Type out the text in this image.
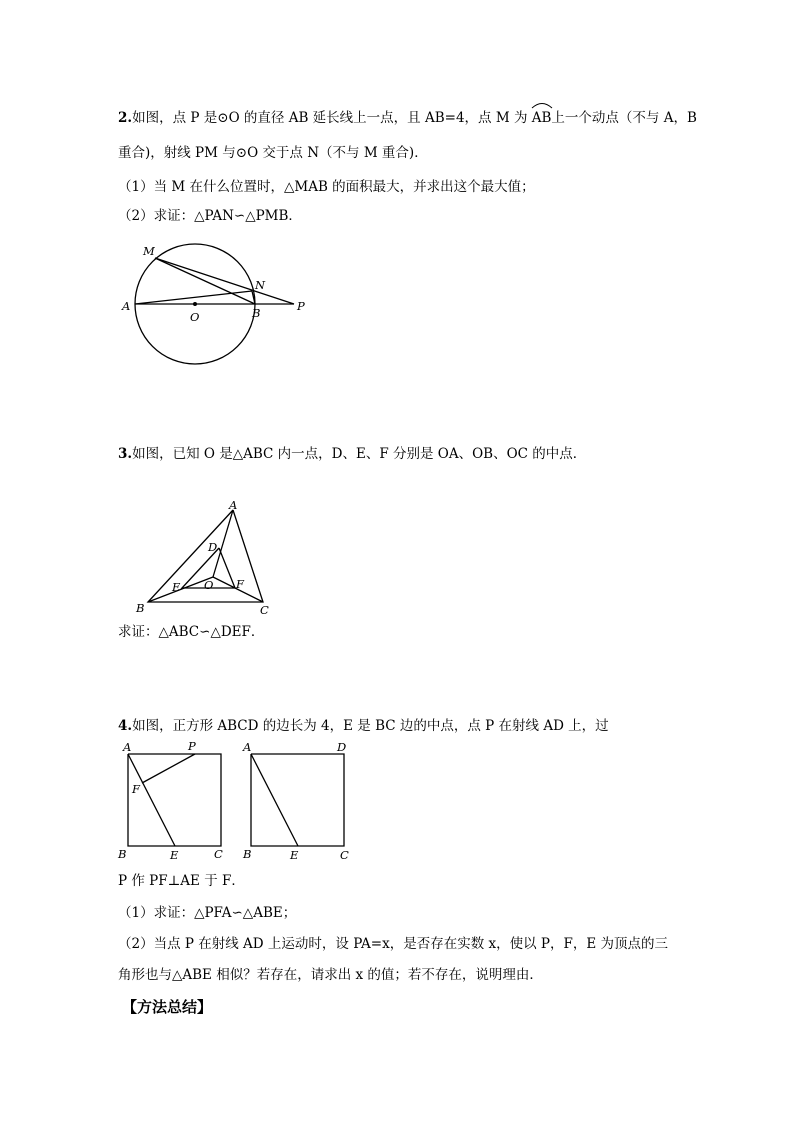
2.如图，点 P 是⊙O 的直径 AB 延长线上一点，且 AB=4，点 M 为
AB上一个动点（不与 A，B
重合)，射线 PM 与⊙O 交于点 N（不与 M 重合)．
（1）当 M 在什么位置时，△MAB 的面积最大，并求出这个最大值；
（2）求证：△PAN∽△PMB．
M
N
A
O	B	P
3.如图，已知 O 是△ABC 内一点，D、E、F 分别是 OA、OB、OC 的中点．
A
D
E O F
B	C
求证：△ABC∽△DEF．
4.如图，正方形 ABCD 的边长为 4，E 是 BC 边的中点，点 P 在射线 AD 上，过
A	P
F
B	E	C
A	D
B	E	C
P 作 PF⊥AE 于 F．
（1）求证：△PFA∽△ABE；
（2）当点 P 在射线 AD 上运动时，设 PA=x，是否存在实数 x，使以 P，F，E 为顶点的三
角形也与△ABE 相似？若存在，请求出 x 的值；若不存在，说明理由．
【方法总结】
